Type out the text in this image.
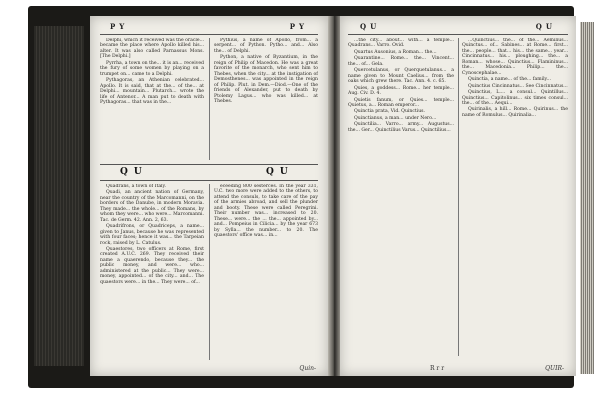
PY	PY

Delphi, which it received was the oracle... became the place where Apollo killed his... alter. It was also called Parnassus Mons. [The Delphi.]

Pyrrha, a town on the... it is an... received the fury of some women by playing on a trumpet on... came to a Delphi.

Pythagoras, an Athenian celebrated... Apollo. It is said, that at the... of the... at Delphi... mountain... Plutarch... wrote the life of Antenor... A man put to death with Pythagoras... that was in the...

Pythius, a name of Apollo, from... a serpent... of Python. Pytho... and... Also the... of Delphi.

Python, a native of Byzantium, in the reign of Philip of Macedon. He was a great favorite of the monarch, who sent him to Thebes, when the city... at the instigation of Demosthenes... was appointed in the reign of Philip. Plut. in Dem.—Diod.—One of the friends of Alexander, put to death by Ptolemy Lagus... who was killed... at Thebes.

QU	QU

Quadrans, a town of Italy.

Quadi, an ancient nation of Germany, near the country of the Marcomanni, on the borders of the Danube, in modern Moravia. They made... the whole... of the Romans, by whom they were... who were... Marcomanni. Tac. de Germ. 42. Ann. 2, 63.

Quadrifrons, or Quadriceps, a name... given to Janus, because he was represented with four faces; hence it was... the Tarpeian rock, raised by L. Catulus.

Quaestores, two officers at Rome, first created A.U.C. 269. They received their name a quaerendo, because they... the public money, and were... who... administered at the public... They were... money, appointed... of the city... and... The quaestors were... in the... They were... of...

eceeding 800 sesterces. In the year 331, U.C. two more were added to the others, to attend the consuls, to take care of the pay of the armies abroad, and sell the plunder and booty. These were called Peregrini. Their number was... increased to 20. These... were... the ... the... appointed by... and... Pompeius in Cilicia... by the year 673 by Sylla... the number... to 20. The quaestors' office was... in...

Quin-
QU	QU

...the city... about... with... a temple... Quadrans... Varro. Ovid.

Quartus Ausonius, a Roman... the...

Quarantine... Rome... the... Vincent... the... of... Gela.

Quercetulanus, or Querquetulanus... a name given to Mount Caelius... from the oaks which grew there. Tac. Ann. 4. c. 65.

Quies, a goddess... Rome... her temple... Aug. Civ. D. 4.

Quietis fanum, or Quies... temple... Quietus, a... Roman emperor...

Quinctia prata, Vid. Quinctius.

Quinctianus, a man... under Nero...

Quinctilia... Varro... army... Augustus... the... Ger... Quinctilius Varus... Quinctilius...

...Quinctius... the... of the... Aemilius... Quinctus... of... Sabines... at Rome... first... the... people... that... his... the same... year... Cincinnatus... his... ploughing... the... a Roman... whose... Quinctius... Flamininus... the... Macedonia... Philip... the... Cynoscephalae...

Quinctia, a name... of the... family...

Quinctius Cincinnatus... See Cincinnatus...

Quinctius, L.... a consul... Quintillus... Quinctius... Capitolinus... six times consul... the... of the... Aequi...

Quirinalis, a hill... Rome... Quirinus... the name of Romulus... Quirinalia...

R r r	QUIR-
